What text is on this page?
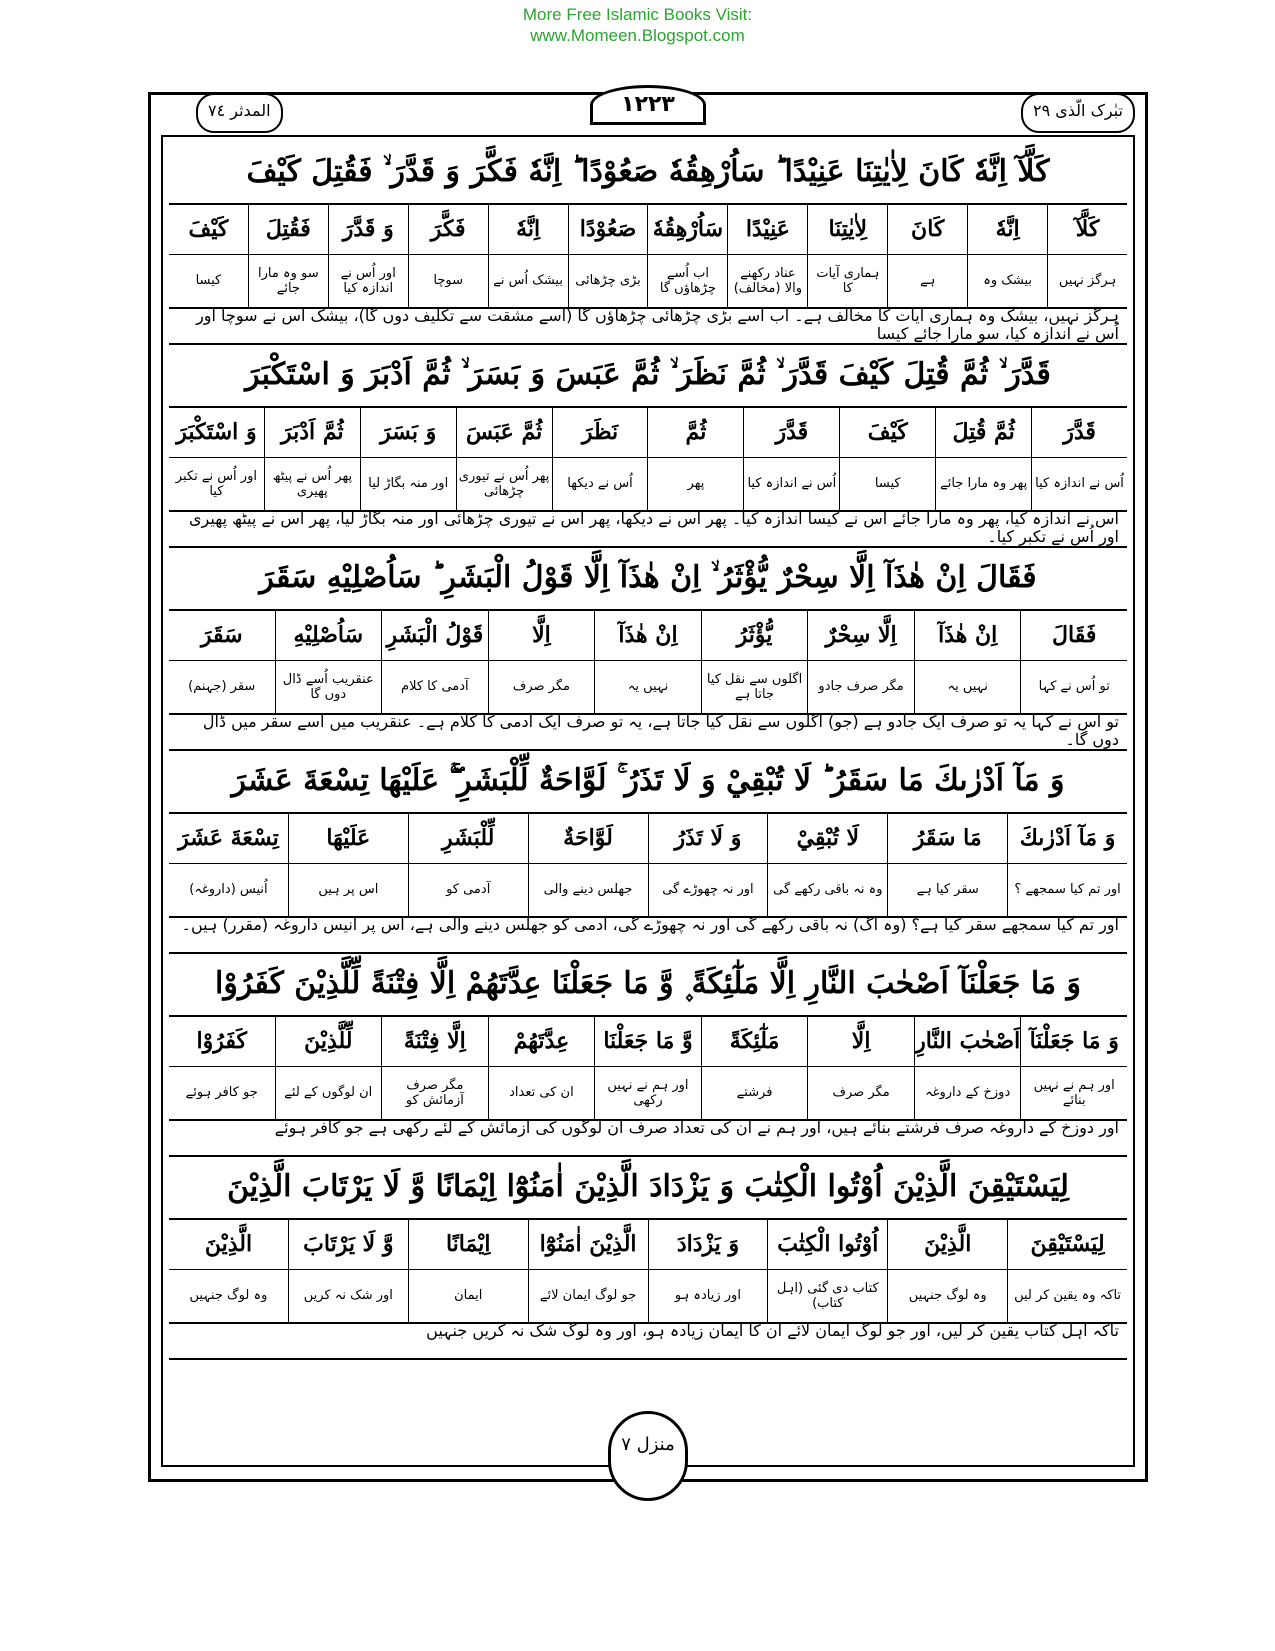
More Free Islamic Books Visit:
www.Momeen.Blogspot.com
المدثر ٧٤	١٢٢٣	تبٰرک الّذی ٢٩
كَلَّآ اِنَّهٗ كَانَ لِاٰيٰتِنَا عَنِيْدًا ؕ سَاُرْهِقُهٗ صَعُوْدًا ؕ اِنَّهٗ فَكَّرَ وَ قَدَّرَ ۙ فَقُتِلَ كَيْفَ
كَلَّآ
ہرگز نہیں
اِنَّهٗ
بیشک وہ
كَانَ
ہے
لِاٰيٰتِنَا
ہماری آیات کا
عَنِيْدًا
عناد رکھنے والا (مخالف)
سَاُرْهِقُهٗ
اب اُسے چڑھاؤں گا
صَعُوْدًا
بڑی چڑھائی
اِنَّهٗ
بیشک اُس نے
فَكَّرَ
سوچا
وَ قَدَّرَ
اور اُس نے اندازہ کیا
فَقُتِلَ
سو وہ مارا جائے
كَيْفَ
کیسا
ہرگز نہیں، بیشک وہ ہماری آیات کا مخالف ہے۔ اب اُسے بڑی چڑھائی چڑھاؤں گا (اُسے مشقت سے تکلیف دوں گا)، بیشک اُس نے سوچا اور اُس نے اندازہ کیا، سو مارا جائے کیسا
قَدَّرَ ۙ ثُمَّ قُتِلَ كَيْفَ قَدَّرَ ۙ ثُمَّ نَظَرَ ۙ ثُمَّ عَبَسَ وَ بَسَرَ ۙ ثُمَّ اَدْبَرَ وَ اسْتَكْبَرَ
قَدَّرَ
اُس نے اندازہ کیا
ثُمَّ قُتِلَ
پھر وہ مارا جائے
كَيْفَ
کیسا
قَدَّرَ
اُس نے اندازہ کیا
ثُمَّ
پھر
نَظَرَ
اُس نے دیکھا
ثُمَّ عَبَسَ
پھر اُس نے تیوری چڑھائی
وَ بَسَرَ
اور منہ بگاڑ لیا
ثُمَّ اَدْبَرَ
پھر اُس نے پیٹھ پھیری
وَ اسْتَكْبَرَ
اور اُس نے تکبر کیا
اُس نے اندازہ کیا، پھر وہ مارا جائے اُس نے کیسا اندازہ کیا۔ پھر اُس نے دیکھا، پھر اُس نے تیوری چڑھائی اور منہ بگاڑ لیا، پھر اُس نے پیٹھ پھیری اور اُس نے تکبر کیا۔
فَقَالَ اِنْ هٰذَآ اِلَّا سِحْرٌ يُّؤْثَرُ ۙ اِنْ هٰذَآ اِلَّا قَوْلُ الْبَشَرِ ؕ سَاُصْلِيْهِ سَقَرَ
فَقَالَ
تو اُس نے کہا
اِنْ هٰذَآ
نہیں یہ
اِلَّا سِحْرٌ
مگر صرف جادو
يُّؤْثَرُ
اگلوں سے نقل کیا جاتا ہے
اِنْ هٰذَآ
نہیں یہ
اِلَّا
مگر صرف
قَوْلُ الْبَشَرِ
آدمی کا کلام
سَاُصْلِيْهِ
عنقریب اُسے ڈال دوں گا
سَقَرَ
سقر (جہنم)
تو اُس نے کہا یہ تو صرف ایک جادو ہے (جو) اگلوں سے نقل کیا جاتا ہے، یہ تو صرف ایک آدمی کا کلام ہے۔ عنقریب میں اُسے سقر میں ڈال دوں گا۔
وَ مَآ اَدْرٰىكَ مَا سَقَرُ ؕ لَا تُبْقِيْ وَ لَا تَذَرُ ۚ لَوَّاحَةٌ لِّلْبَشَرِ ۚۖ عَلَيْهَا تِسْعَةَ عَشَرَ
وَ مَآ اَدْرٰىكَ
اور تم کیا سمجھے ؟
مَا سَقَرُ
سقر کیا ہے
لَا تُبْقِيْ
وہ نہ باقی رکھے گی
وَ لَا تَذَرُ
اور نہ چھوڑے گی
لَوَّاحَةٌ
جھلس دینے والی
لِّلْبَشَرِ
آدمی کو
عَلَيْهَا
اس پر ہیں
تِسْعَةَ عَشَرَ
اُنیس (داروغہ)
اور تم کیا سمجھے سقر کیا ہے؟ (وہ آگ) نہ باقی رکھے گی اور نہ چھوڑے گی، آدمی کو جھلس دینے والی ہے، اس پر اُنیس داروغہ (مقرر) ہیں۔
وَ مَا جَعَلْنَآ اَصْحٰبَ النَّارِ اِلَّا مَلٰٓئِكَةً ۪ وَّ مَا جَعَلْنَا عِدَّتَهُمْ اِلَّا فِتْنَةً لِّلَّذِيْنَ كَفَرُوْا
وَ مَا جَعَلْنَآ
اور ہم نے نہیں بنائے
اَصْحٰبَ النَّارِ
دوزخ کے داروغہ
اِلَّا
مگر صرف
مَلٰٓئِكَةً
فرشتے
وَّ مَا جَعَلْنَا
اور ہم نے نہیں رکھی
عِدَّتَهُمْ
ان کی تعداد
اِلَّا فِتْنَةً
مگر صرف آزمائش کو
لِّلَّذِيْنَ
ان لوگوں کے لئے
كَفَرُوْا
جو کافر ہوئے
اور دوزخ کے داروغہ صرف فرشتے بنائے ہیں، اور ہم نے ان کی تعداد صرف ان لوگوں کی آزمائش کے لئے رکھی ہے جو کافر ہوئے
لِيَسْتَيْقِنَ الَّذِيْنَ اُوْتُوا الْكِتٰبَ وَ يَزْدَادَ الَّذِيْنَ اٰمَنُوْٓا اِيْمَانًا وَّ لَا يَرْتَابَ الَّذِيْنَ
لِيَسْتَيْقِنَ
تاکہ وہ یقین کر لیں
الَّذِيْنَ
وہ لوگ جنہیں
اُوْتُوا الْكِتٰبَ
کتاب دی گئی (اہل کتاب)
وَ يَزْدَادَ
اور زیادہ ہو
الَّذِيْنَ اٰمَنُوْٓا
جو لوگ ایمان لائے
اِيْمَانًا
ایمان
وَّ لَا يَرْتَابَ
اور شک نہ کریں
الَّذِيْنَ
وہ لوگ جنہیں
تاکہ اہل کتاب یقین کر لیں، اور جو لوگ ایمان لائے ان کا ایمان زیادہ ہو، اور وہ لوگ شک نہ کریں جنہیں
منزل ٧
